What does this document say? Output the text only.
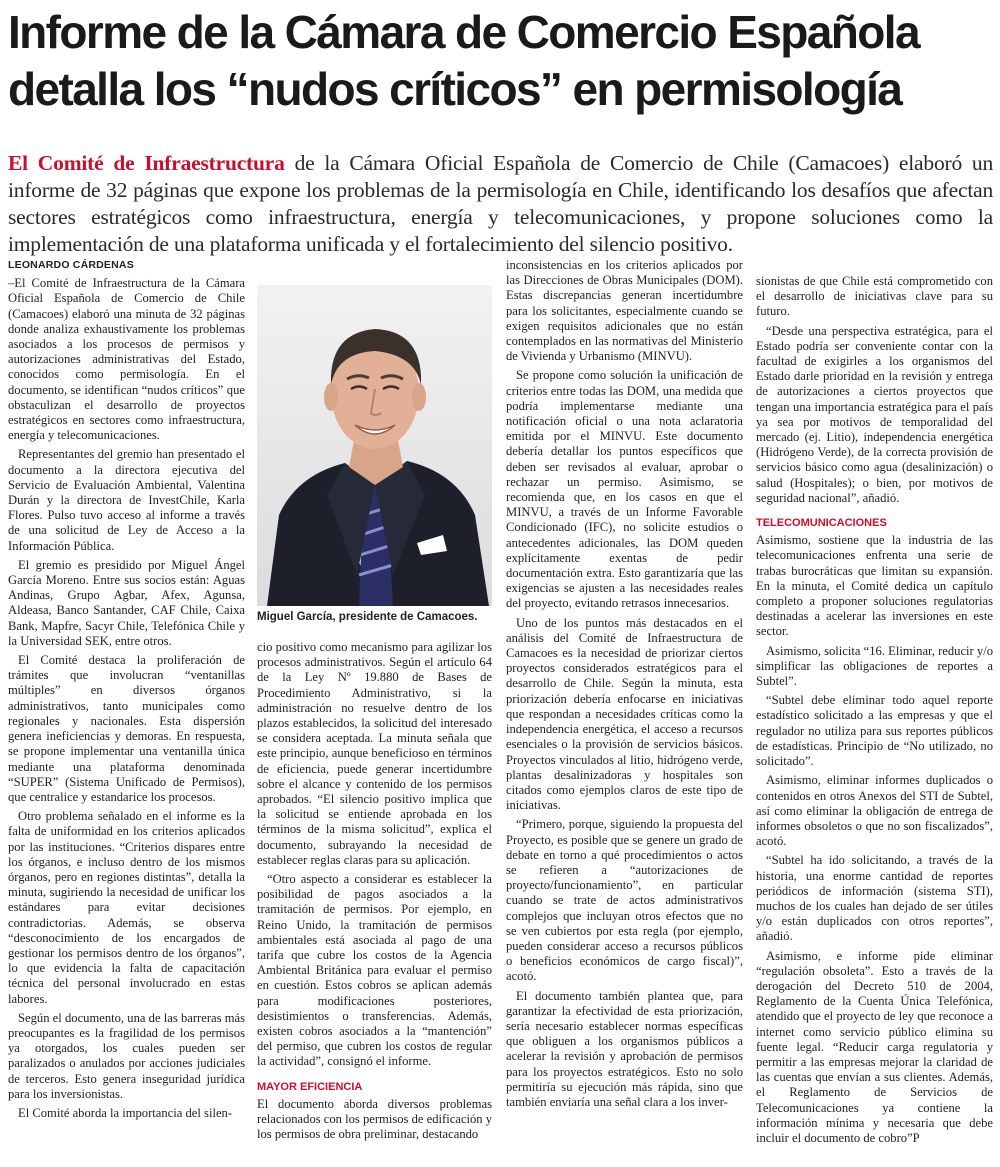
Informe de la Cámara de Comercio Española
detalla los “nudos críticos” en permisología

El Comité de Infraestructura de la Cámara Oficial Española de Comercio de Chile (Camacoes) elaboró un informe de 32 páginas que expone los problemas de la permisología en Chile, identificando los desafíos que afectan sectores estratégicos como infraestructura, energía y telecomunicaciones, y propone soluciones como la implementación de una plataforma unificada y el fortalecimiento del silencio positivo.

LEONARDO CÁRDENAS

–El Comité de Infraestructura de la Cámara Oficial Española de Comercio de Chile (Camacoes) elaboró una minuta de 32 páginas donde analiza exhaustivamente los problemas asociados a los procesos de permisos y autorizaciones administrativas del Estado, conocidos como permisología. En el documento, se identifican “nudos críticos” que obstaculizan el desarrollo de proyectos estratégicos en sectores como infraestructura, energía y telecomunicaciones.

Representantes del gremio han presentado el documento a la directora ejecutiva del Servicio de Evaluación Ambiental, Valentina Durán y la directora de InvestChile, Karla Flores. Pulso tuvo acceso al informe a través de una solicitud de Ley de Acceso a la Información Pública.

El gremio es presidido por Miguel Ángel García Moreno. Entre sus socios están: Aguas Andinas, Grupo Agbar, Afex, Agunsa, Aldeasa, Banco Santander, CAF Chile, Caixa Bank, Mapfre, Sacyr Chile, Telefónica Chile y la Universidad SEK, entre otros.

El Comité destaca la proliferación de trámites que involucran “ventanillas múltiples” en diversos órganos administrativos, tanto municipales como regionales y nacionales. Esta dispersión genera ineficiencias y demoras. En respuesta, se propone implementar una ventanilla única mediante una plataforma denominada “SUPER” (Sistema Unificado de Permisos), que centralice y estandarice los procesos.

Otro problema señalado en el informe es la falta de uniformidad en los criterios aplicados por las instituciones. “Criterios dispares entre los órganos, e incluso dentro de los mismos órganos, pero en regiones distintas”, detalla la minuta, sugiriendo la necesidad de unificar los estándares para evitar decisiones contradictorias. Además, se observa “desconocimiento de los encargados de gestionar los permisos dentro de los órganos”, lo que evidencia la falta de capacitación técnica del personal involucrado en estas labores.

Según el documento, una de las barreras más preocupantes es la fragilidad de los permisos ya otorgados, los cuales pueden ser paralizados o anulados por acciones judiciales de terceros. Esto genera inseguridad jurídica para los inversionistas.

El Comité aborda la importancia del silen-

Miguel García, presidente de Camacoes.

cio positivo como mecanismo para agilizar los procesos administrativos. Según el artículo 64 de la Ley Nº 19.880 de Bases de Procedimiento Administrativo, si la administración no resuelve dentro de los plazos establecidos, la solicitud del interesado se considera aceptada. La minuta señala que este principio, aunque beneficioso en términos de eficiencia, puede generar incertidumbre sobre el alcance y contenido de los permisos aprobados. “El silencio positivo implica que la solicitud se entiende aprobada en los términos de la misma solicitud”, explica el documento, subrayando la necesidad de establecer reglas claras para su aplicación.

“Otro aspecto a considerar es establecer la posibilidad de pagos asociados a la tramitación de permisos. Por ejemplo, en Reino Unido, la tramitación de permisos ambientales está asociada al pago de una tarifa que cubre los costos de la Agencia Ambiental Británica para evaluar el permiso en cuestión. Estos cobros se aplican además para modificaciones posteriores, desistimientos o transferencias. Además, existen cobros asociados a la “mantención” del permiso, que cubren los costos de regular la actividad”, consignó el informe.

MAYOR EFICIENCIA

El documento aborda diversos problemas relacionados con los permisos de edificación y los permisos de obra preliminar, destacando

inconsistencias en los criterios aplicados por las Direcciones de Obras Municipales (DOM). Estas discrepancias generan incertidumbre para los solicitantes, especialmente cuando se exigen requisitos adicionales que no están contemplados en las normativas del Ministerio de Vivienda y Urbanismo (MINVU).

Se propone como solución la unificación de criterios entre todas las DOM, una medida que podría implementarse mediante una notificación oficial o una nota aclaratoria emitida por el MINVU. Este documento debería detallar los puntos específicos que deben ser revisados al evaluar, aprobar o rechazar un permiso. Asimismo, se recomienda que, en los casos en que el MINVU, a través de un Informe Favorable Condicionado (IFC), no solicite estudios o antecedentes adicionales, las DOM queden explícitamente exentas de pedir documentación extra. Esto garantizaría que las exigencias se ajusten a las necesidades reales del proyecto, evitando retrasos innecesarios.

Uno de los puntos más destacados en el análisis del Comité de Infraestructura de Camacoes es la necesidad de priorizar ciertos proyectos considerados estratégicos para el desarrollo de Chile. Según la minuta, esta priorización debería enfocarse en iniciativas que respondan a necesidades críticas como la independencia energética, el acceso a recursos esenciales o la provisión de servicios básicos. Proyectos vinculados al litio, hidrógeno verde, plantas desalinizadoras y hospitales son citados como ejemplos claros de este tipo de iniciativas.

“Primero, porque, siguiendo la propuesta del Proyecto, es posible que se genere un grado de debate en torno a qué procedimientos o actos se refieren a “autorizaciones de proyecto/funcionamiento”, en particular cuando se trate de actos administrativos complejos que incluyan otros efectos que no se ven cubiertos por esta regla (por ejemplo, pueden considerar acceso a recursos públicos o beneficios económicos de cargo fiscal)”, acotó.

El documento también plantea que, para garantizar la efectividad de esta priorización, sería necesario establecer normas específicas que obliguen a los organismos públicos a acelerar la revisión y aprobación de permisos para los proyectos estratégicos. Esto no solo permitiría su ejecución más rápida, sino que también enviaría una señal clara a los inver-

sionistas de que Chile está comprometido con el desarrollo de iniciativas clave para su futuro.

“Desde una perspectiva estratégica, para el Estado podría ser conveniente contar con la facultad de exigirles a los organismos del Estado darle prioridad en la revisión y entrega de autorizaciones a ciertos proyectos que tengan una importancia estratégica para el país ya sea por motivos de temporalidad del mercado (ej. Litio), independencia energética (Hidrógeno Verde), de la correcta provisión de servicios básico como agua (desalinización) o salud (Hospitales); o bien, por motivos de seguridad nacional”, añadió.

TELECOMUNICACIONES

Asimismo, sostiene que la industria de las telecomunicaciones enfrenta una serie de trabas burocráticas que limitan su expansión. En la minuta, el Comité dedica un capítulo completo a proponer soluciones regulatorias destinadas a acelerar las inversiones en este sector.

Asimismo, solicita “16. Eliminar, reducir y/o simplificar las obligaciones de reportes a Subtel”.

“Subtel debe eliminar todo aquel reporte estadístico solicitado a las empresas y que el regulador no utiliza para sus reportes públicos de estadísticas. Principio de “No utilizado, no solicitado”.

Asimismo, eliminar informes duplicados o contenidos en otros Anexos del STI de Subtel, así como eliminar la obligación de entrega de informes obsoletos o que no son fiscalizados”, acotó.

“Subtel ha ido solicitando, a través de la historia, una enorme cantidad de reportes periódicos de información (sistema STI), muchos de los cuales han dejado de ser útiles y/o están duplicados con otros reportes”, añadió.

Asimismo, e informe pide eliminar “regulación obsoleta”. Esto a través de la derogación del Decreto 510 de 2004, Reglamento de la Cuenta Única Telefónica, atendido que el proyecto de ley que reconoce a internet como servicio público elimina su fuente legal. “Reducir carga regulatoria y permitir a las empresas mejorar la claridad de las cuentas que envían a sus clientes. Además, el Reglamento de Servicios de Telecomunicaciones ya contiene la información mínima y necesaria que debe incluir el documento de cobro”P
